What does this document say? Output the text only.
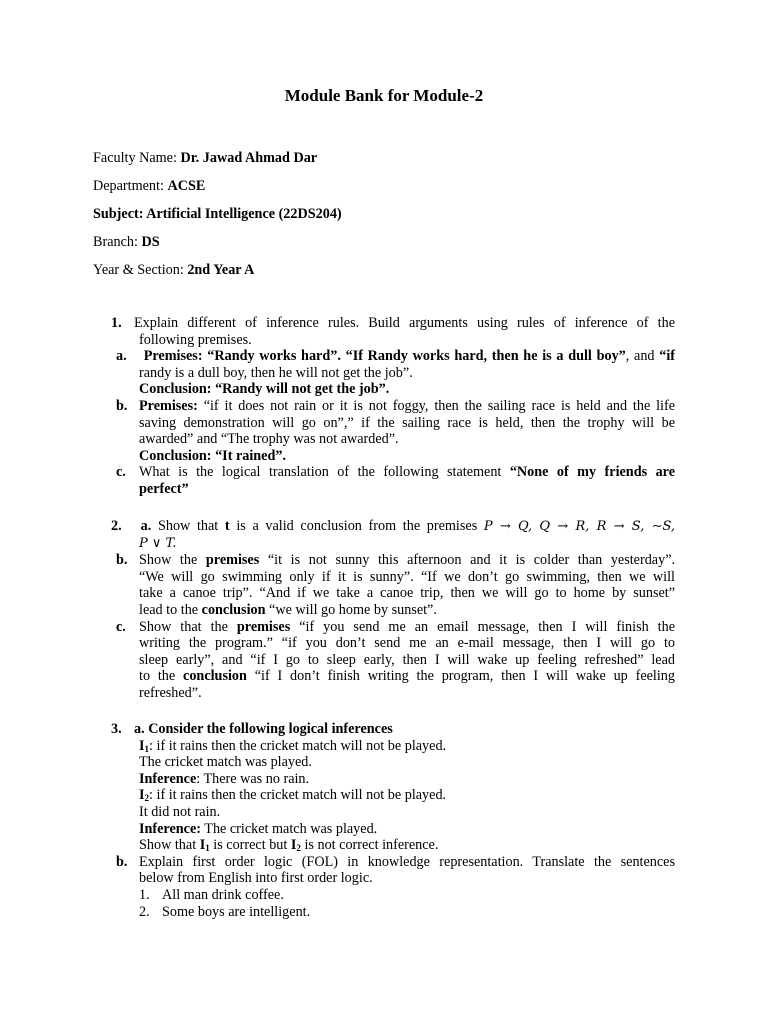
Module Bank for Module-2
Faculty Name: Dr. Jawad Ahmad Dar
Department: ACSE
Subject: Artificial Intelligence (22DS204)
Branch: DS
Year & Section: 2nd Year A
1. Explain different of inference rules. Build arguments using rules of inference of the
following premises.
a.	Premises: “Randy works hard”. “If Randy works hard, then he is a dull boy”, and “if
randy is a dull boy, then he will not get the job”.
Conclusion: “Randy will not get the job”.
b. Premises: “if it does not rain or it is not foggy, then the sailing race is held and the life
saving demonstration will go on”,” if the sailing race is held, then the trophy will be
awarded” and “The trophy was not awarded”.
Conclusion: “It rained”.
c. What is the logical translation of the following statement “None of my friends are
perfect”
2.	a. Show that t is a valid conclusion from the premises P → Q, Q → R, R → S, ∼S,
P ∨ T.
b. Show the premises “it is not sunny this afternoon and it is colder than yesterday”.
“We will go swimming only if it is sunny”. “If we don’t go swimming, then we will
take a canoe trip”. “And if we take a canoe trip, then we will go to home by sunset”
lead to the conclusion “we will go home by sunset”.
c. Show that the premises “if you send me an email message, then I will finish the
writing the program.” “if you don’t send me an e-mail message, then I will go to
sleep early”, and “if I go to sleep early, then I will wake up feeling refreshed” lead
to the conclusion “if I don’t finish writing the program, then I will wake up feeling
refreshed”.
3. a. Consider the following logical inferences
$I_1$: if it rains then the cricket match will not be played.
The cricket match was played.
Inference: There was no rain.
$I_2$: if it rains then the cricket match will not be played.
It did not rain.
Inference: The cricket match was played.
Show that $I_1$ is correct but $I_2$ is not correct inference.
b. Explain first order logic (FOL) in knowledge representation. Translate the sentences
below from English into first order logic.
1. All man drink coffee.
2. Some boys are intelligent.
